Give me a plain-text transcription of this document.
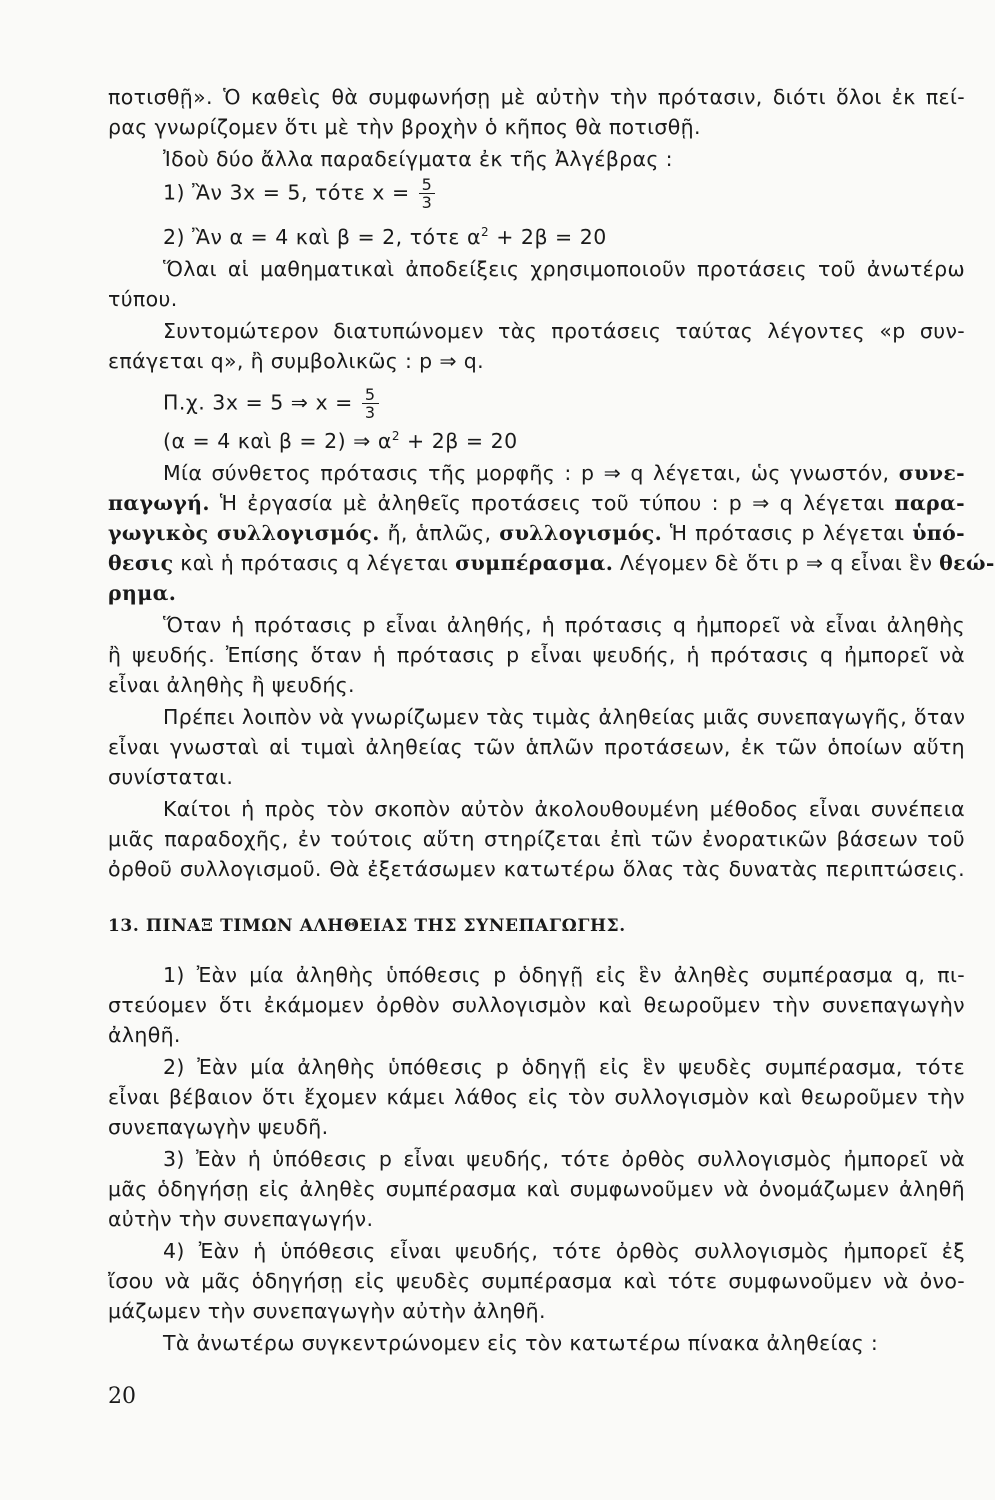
ποτισθῇ». Ὁ καθεὶς θὰ συμφωνήσῃ μὲ αὐτὴν τὴν πρότασιν, διότι ὅλοι ἐκ πεί-
ρας γνωρίζομεν ὅτι μὲ τὴν βροχὴν ὁ κῆπος θὰ ποτισθῇ.
Ἰδοὺ δύο ἄλλα παραδείγματα ἐκ τῆς Ἀλγέβρας :
1) Ἂν 3x = 5, τότε $x = \frac{5}{3}$
2) Ἂν α = 4 καὶ β = 2, τότε $\alpha^2 + 2\beta = 20$
Ὅλαι αἱ μαθηματικαὶ ἀποδείξεις χρησιμοποιοῦν προτάσεις τοῦ ἀνωτέρω
τύπου.
Συντομώτερον διατυπώνομεν τὰς προτάσεις ταύτας λέγοντες «p συν-
επάγεται q», ἢ συμβολικῶς : p ⇒ q.
Π.χ. 3x = 5 ⇒ $x = \frac{5}{3}$
(α = 4 καὶ β = 2) ⇒ $\alpha^2 + 2\beta = 20$
Μία σύνθετος πρότασις τῆς μορφῆς : p ⇒ q λέγεται, ὡς γνωστόν, συνε-
παγωγή. Ἡ ἐργασία μὲ ἀληθεῖς προτάσεις τοῦ τύπου : p ⇒ q λέγεται παρα-
γωγικὸς συλλογισμός. ἤ, ἁπλῶς, συλλογισμός. Ἡ πρότασις p λέγεται ὑπό-
θεσις καὶ ἡ πρότασις q λέγεται συμπέρασμα. Λέγομεν δὲ ὅτι p ⇒ q εἶναι ἓν θεώ-
ρημα.
Ὅταν ἡ πρότασις p εἶναι ἀληθής, ἡ πρότασις q ἠμπορεῖ νὰ εἶναι ἀληθὴς
ἢ ψευδής. Ἐπίσης ὅταν ἡ πρότασις p εἶναι ψευδής, ἡ πρότασις q ἠμπορεῖ νὰ
εἶναι ἀληθὴς ἢ ψευδής.
Πρέπει λοιπὸν νὰ γνωρίζωμεν τὰς τιμὰς ἀληθείας μιᾶς συνεπαγωγῆς, ὅταν
εἶναι γνωσταὶ αἱ τιμαὶ ἀληθείας τῶν ἁπλῶν προτάσεων, ἐκ τῶν ὁποίων αὕτη
συνίσταται.
Καίτοι ἡ πρὸς τὸν σκοπὸν αὐτὸν ἀκολουθουμένη μέθοδος εἶναι συνέπεια
μιᾶς παραδοχῆς, ἐν τούτοις αὕτη στηρίζεται ἐπὶ τῶν ἐνορατικῶν βάσεων τοῦ
ὀρθοῦ συλλογισμοῦ. Θὰ ἐξετάσωμεν κατωτέρω ὅλας τὰς δυνατὰς περιπτώσεις.
13. ΠΙΝΑΞ ΤΙΜΩΝ ΑΛΗΘΕΙΑΣ ΤΗΣ ΣΥΝΕΠΑΓΩΓΗΣ.
1) Ἐὰν μία ἀληθὴς ὑπόθεσις p ὁδηγῇ εἰς ἓν ἀληθὲς συμπέρασμα q, πι-
στεύομεν ὅτι ἐκάμομεν ὀρθὸν συλλογισμὸν καὶ θεωροῦμεν τὴν συνεπαγωγὴν
ἀληθῆ.
2) Ἐὰν μία ἀληθὴς ὑπόθεσις p ὁδηγῇ εἰς ἓν ψευδὲς συμπέρασμα, τότε
εἶναι βέβαιον ὅτι ἔχομεν κάμει λάθος εἰς τὸν συλλογισμὸν καὶ θεωροῦμεν τὴν
συνεπαγωγὴν ψευδῆ.
3) Ἐὰν ἡ ὑπόθεσις p εἶναι ψευδής, τότε ὀρθὸς συλλογισμὸς ἠμπορεῖ νὰ
μᾶς ὁδηγήσῃ εἰς ἀληθὲς συμπέρασμα καὶ συμφωνοῦμεν νὰ ὀνομάζωμεν ἀληθῆ
αὐτὴν τὴν συνεπαγωγήν.
4) Ἐὰν ἡ ὑπόθεσις εἶναι ψευδής, τότε ὀρθὸς συλλογισμὸς ἠμπορεῖ ἐξ
ἴσου νὰ μᾶς ὁδηγήσῃ εἰς ψευδὲς συμπέρασμα καὶ τότε συμφωνοῦμεν νὰ ὀνο-
μάζωμεν τὴν συνεπαγωγὴν αὐτὴν ἀληθῆ.
Τὰ ἀνωτέρω συγκεντρώνομεν εἰς τὸν κατωτέρω πίνακα ἀληθείας :
20
